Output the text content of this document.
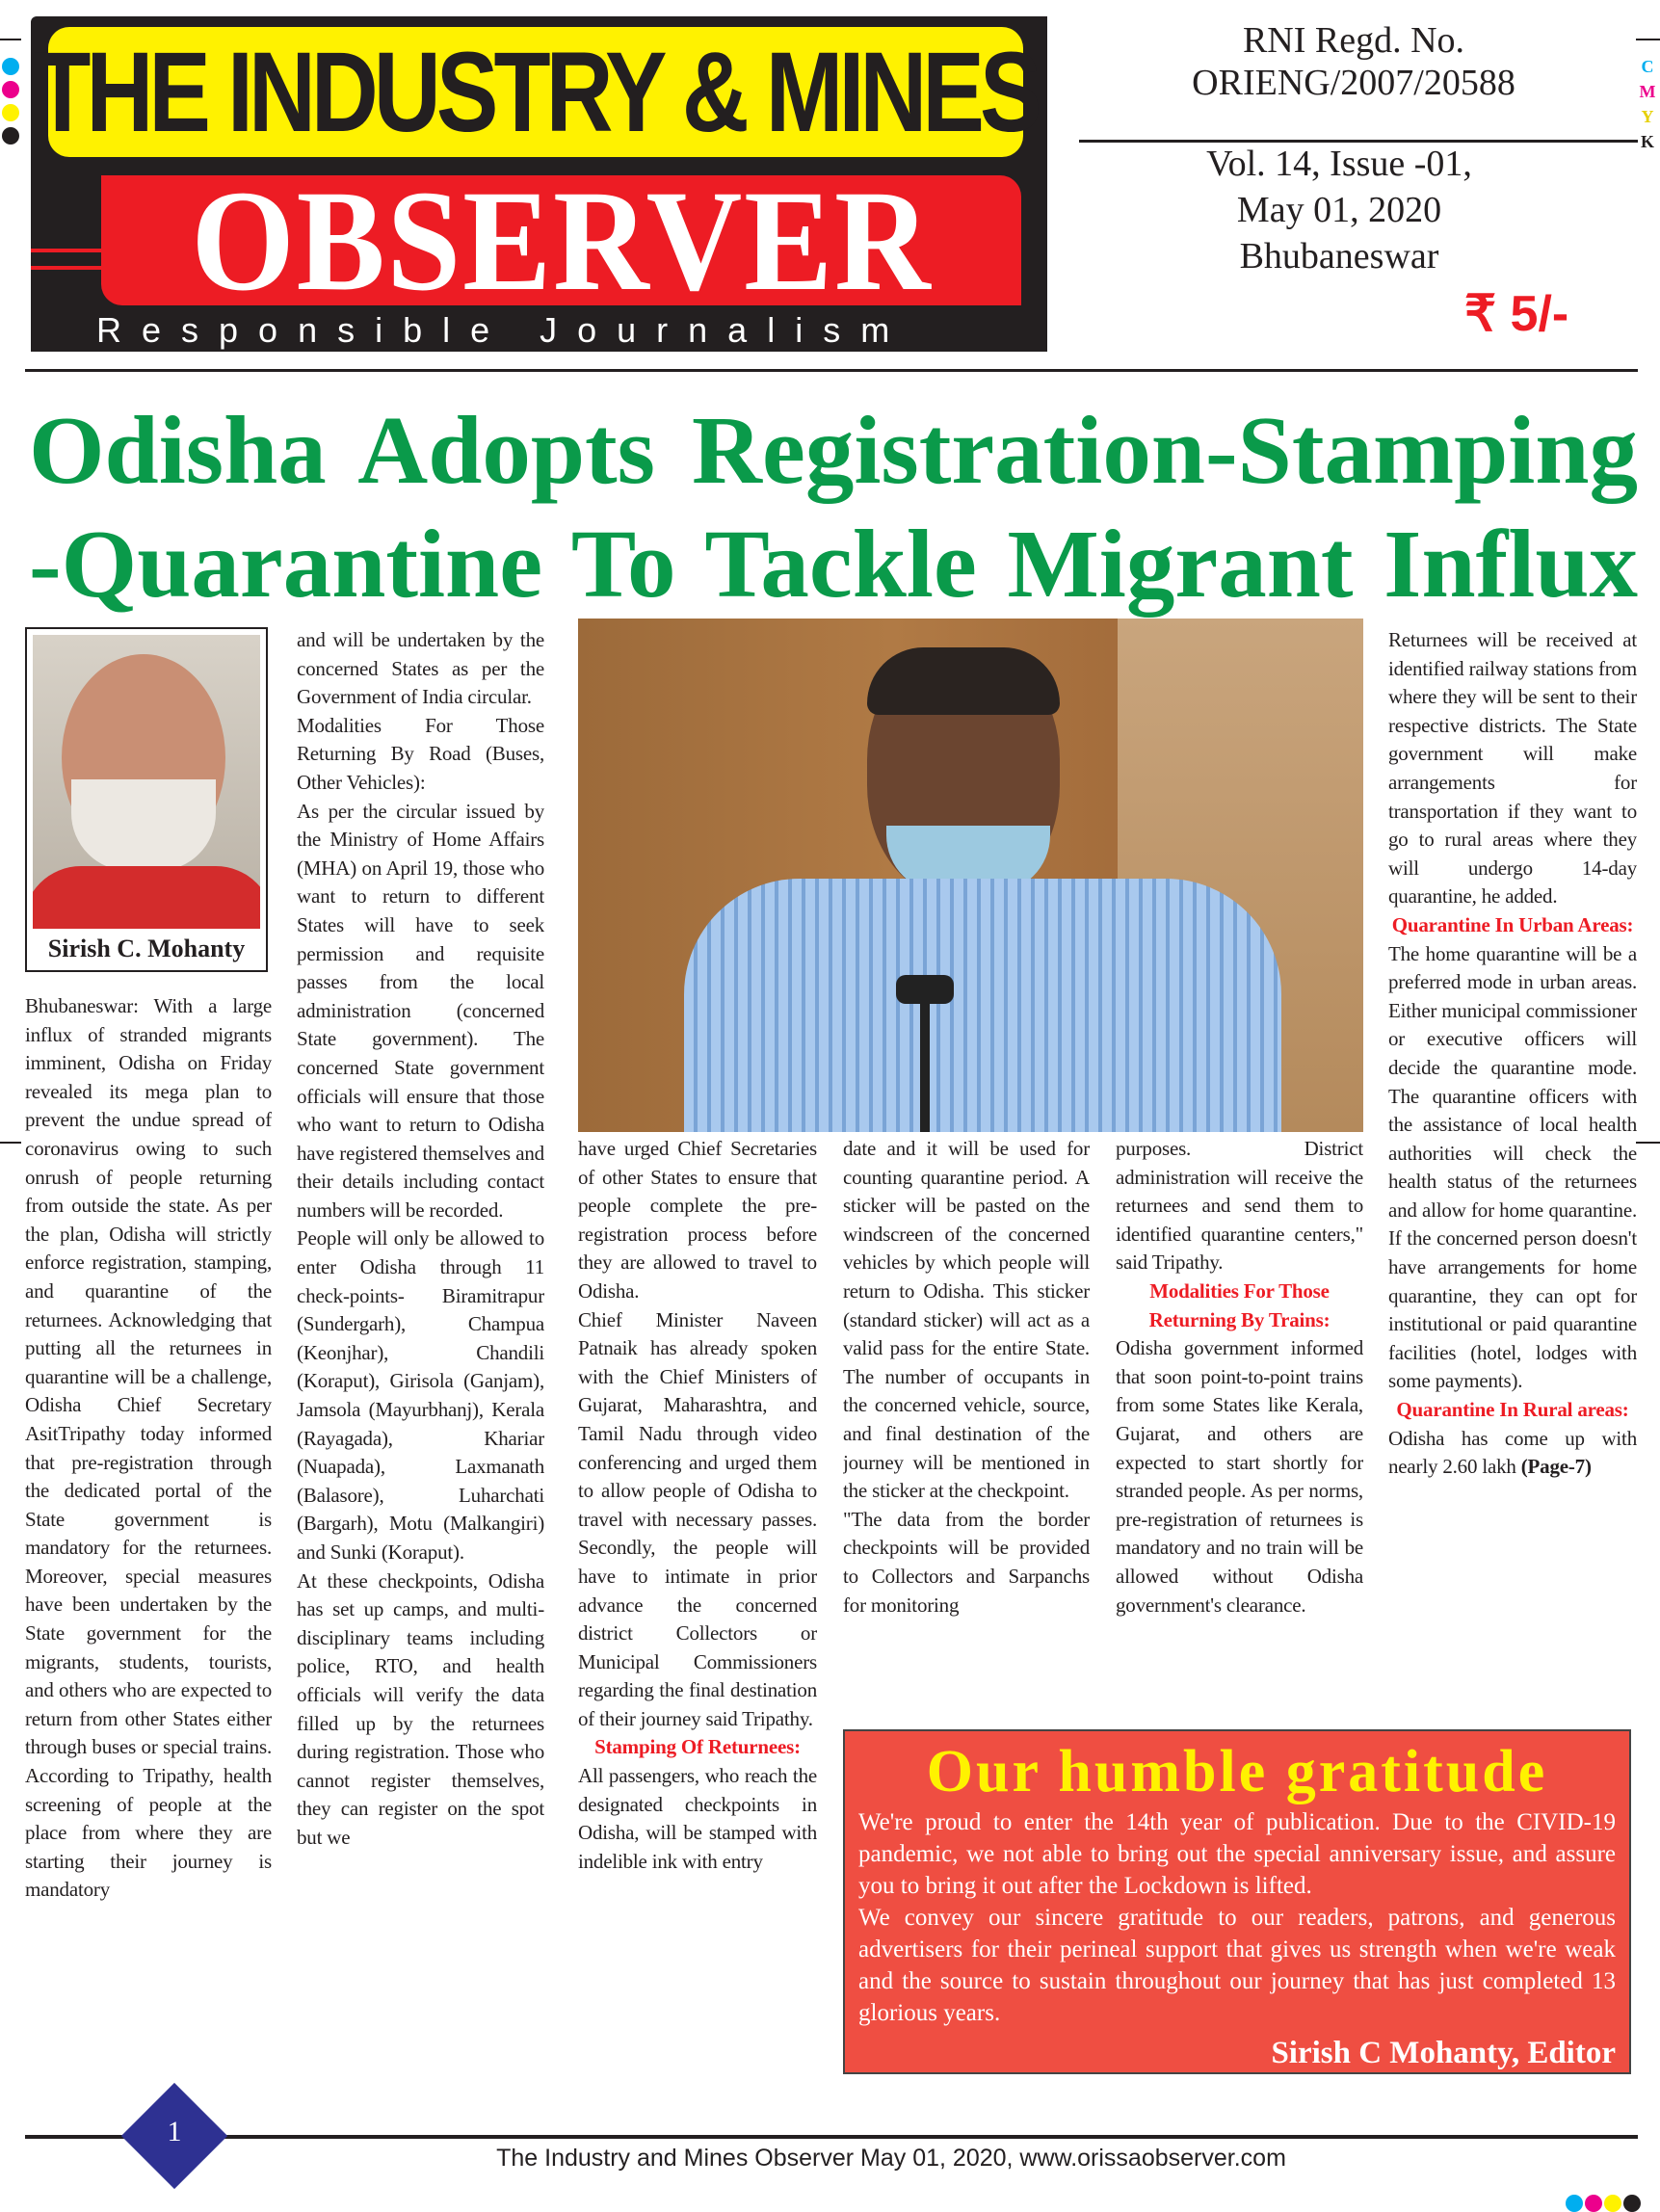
C
M
Y
K
THE INDUSTRY & MINES
OBSERVER
Responsible Journalism
RNI Regd. No.
ORIENG/2007/20588
Vol. 14, Issue -01,
May 01, 2020
Bhubaneswar
₹ 5/-
Odisha Adopts Registration-Stamping
-Quarantine To Tackle Migrant Influx
Sirish C. Mohanty

Bhubaneswar: With a large influx of stranded migrants imminent, Odisha on Friday revealed its mega plan to prevent the undue spread of coronavirus owing to such onrush of people returning from outside the state. As per the plan, Odisha will strictly enforce registration, stamping, and quarantine of the returnees. Acknowledging that putting all the returnees in quarantine will be a challenge, Odisha Chief Secretary AsitTripathy today informed that pre-registration through the dedicated portal of the State government is mandatory for the returnees. Moreover, special measures have been undertaken by the State government for the migrants, students, tourists, and others who are expected to return from other States either through buses or special trains. According to Tripathy, health screening of people at the place from where they are starting their journey is mandatory

and will be undertaken by the concerned States as per the Government of India circular.

Modalities For Those Returning By Road (Buses, Other Vehicles):

As per the circular issued by the Ministry of Home Affairs (MHA) on April 19, those who want to return to different States will have to seek permission and requisite passes from the local administration (concerned State government). The concerned State government officials will ensure that those who want to return to Odisha have registered themselves and their details including contact numbers will be recorded.

People will only be allowed to enter Odisha through 11 check-points- Biramitrapur (Sundergarh), Champua (Keonjhar), Chandili (Koraput), Girisola (Ganjam), Jamsola (Mayurbhanj), Kerala (Rayagada), Khariar (Nuapada), Laxmanath (Balasore), Luharchati (Bargarh), Motu (Malkangiri) and Sunki (Koraput).

At these checkpoints, Odisha has set up camps, and multi-disciplinary teams including police, RTO, and health officials will verify the data filled up by the returnees during registration. Those who cannot register themselves, they can register on the spot but we

have urged Chief Secretaries of other States to ensure that people complete the pre-registration process before they are allowed to travel to Odisha.

Chief Minister Naveen Patnaik has already spoken with the Chief Ministers of Gujarat, Maharashtra, and Tamil Nadu through video conferencing and urged them to allow people of Odisha to travel with necessary passes. Secondly, the people will have to intimate in prior advance the concerned district Collectors or Municipal Commissioners regarding the final destination of their journey said Tripathy.

Stamping Of Returnees:

All passengers, who reach the designated checkpoints in Odisha, will be stamped with indelible ink with entry

date and it will be used for counting quarantine period. A sticker will be pasted on the windscreen of the concerned vehicles by which people will return to Odisha. This sticker (standard sticker) will act as a valid pass for the entire State. The number of occupants in the concerned vehicle, source, and final destination of the journey will be mentioned in the sticker at the checkpoint.

"The data from the border checkpoints will be provided to Collectors and Sarpanchs for monitoring

purposes. District administration will receive the returnees and send them to identified quarantine centers," said Tripathy.

Modalities For Those Returning By Trains:

Odisha government informed that soon point-to-point trains from some States like Kerala, Gujarat, and others are expected to start shortly for stranded people. As per norms, pre-registration of returnees is mandatory and no train will be allowed without Odisha government's clearance.

Returnees will be received at identified railway stations from where they will be sent to their respective districts. The State government will make arrangements for transportation if they want to go to rural areas where they will undergo 14-day quarantine, he added.

Quarantine In Urban Areas:

The home quarantine will be a preferred mode in urban areas. Either municipal commissioner or executive officers will decide the quarantine mode. The quarantine officers with the assistance of local health authorities will check the health status of the returnees and allow for home quarantine. If the concerned person doesn't have arrangements for home quarantine, they can opt for institutional or paid quarantine facilities (hotel, lodges with some payments).

Quarantine In Rural areas:

Odisha has come up with nearly 2.60 lakh (Page-7)

Our humble gratitude

We're proud to enter the 14th year of publication. Due to the CIVID-19 pandemic, we not able to bring out the special anniversary issue, and assure you to bring it out after the Lockdown is lifted.

We convey our sincere gratitude to our readers, patrons, and generous advertisers for their perineal support that gives us strength when we're weak and the source to sustain throughout our journey that has just completed 13 glorious years.

Sirish C Mohanty, Editor

1
The Industry and Mines Observer May 01, 2020, www.orissaobserver.com
